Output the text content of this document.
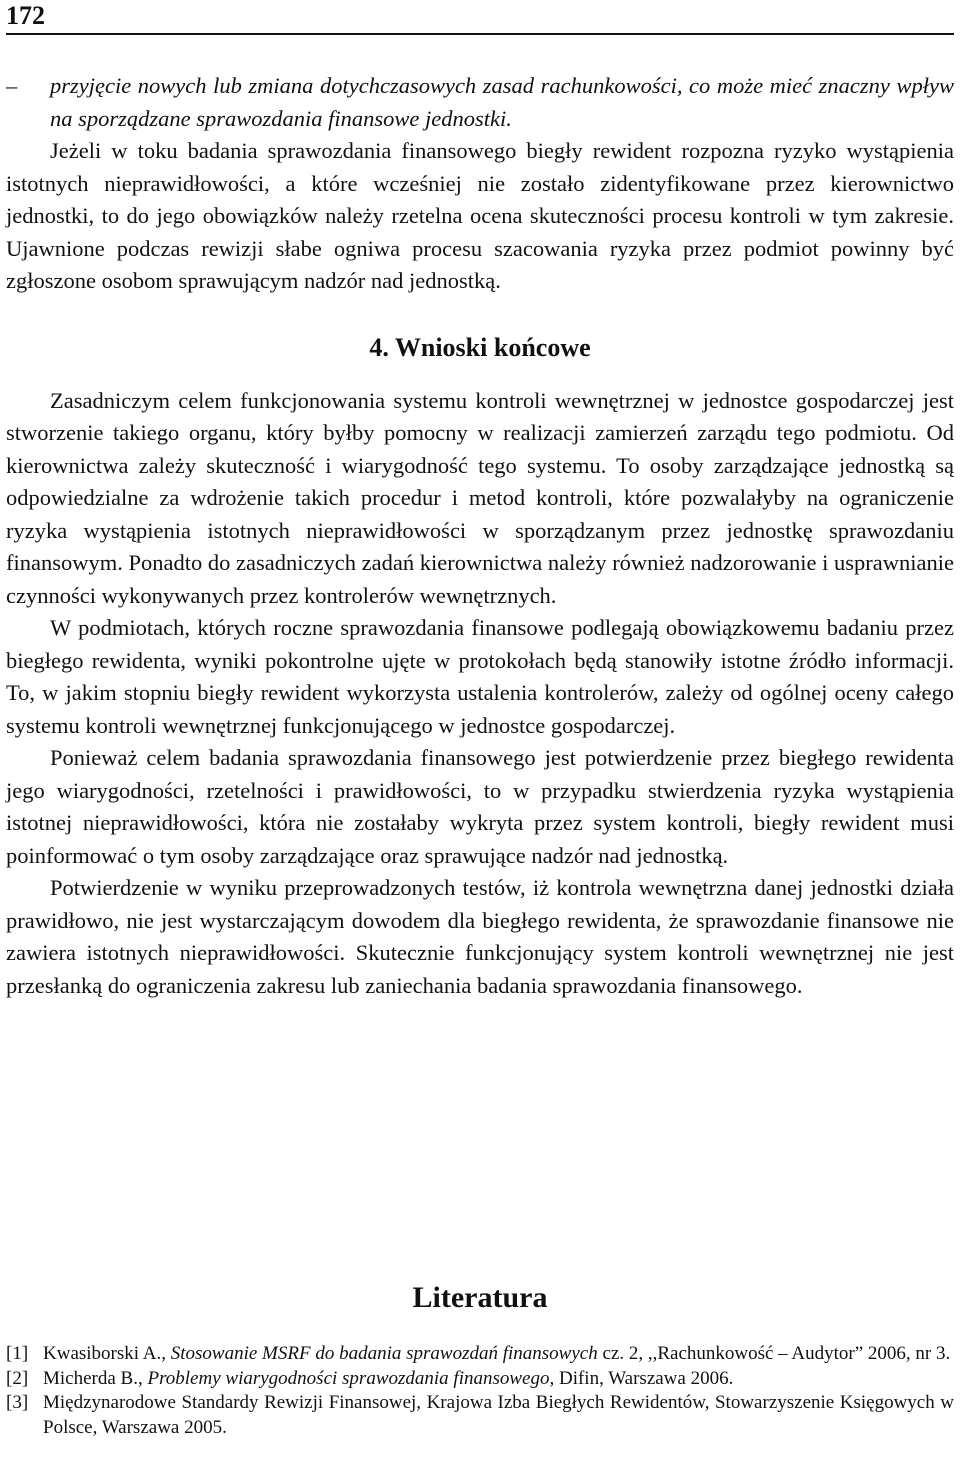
172
– przyjęcie nowych lub zmiana dotychczasowych zasad rachunkowości, co może mieć znaczny wpływ na sporządzane sprawozdania finansowe jednostki.

Jeżeli w toku badania sprawozdania finansowego biegły rewident rozpozna ryzyko wystąpienia istotnych nieprawidłowości, a które wcześniej nie zostało zidentyfikowane przez kierownictwo jednostki, to do jego obowiązków należy rzetelna ocena skuteczności procesu kontroli w tym zakresie. Ujawnione podczas rewizji słabe ogniwa procesu szacowania ryzyka przez podmiot powinny być zgłoszone osobom sprawującym nadzór nad jednostką.

4. Wnioski końcowe

Zasadniczym celem funkcjonowania systemu kontroli wewnętrznej w jednostce gospodarczej jest stworzenie takiego organu, który byłby pomocny w realizacji zamierzeń zarządu tego podmiotu. Od kierownictwa zależy skuteczność i wiarygodność tego systemu. To osoby zarządzające jednostką są odpowiedzialne za wdrożenie takich procedur i metod kontroli, które pozwalałyby na ograniczenie ryzyka wystąpienia istotnych nieprawidłowości w sporządzanym przez jednostkę sprawozdaniu finansowym. Ponadto do zasadniczych zadań kierownictwa należy również nadzorowanie i usprawnianie czynności wykonywanych przez kontrolerów wewnętrznych.

W podmiotach, których roczne sprawozdania finansowe podlegają obowiązkowemu badaniu przez biegłego rewidenta, wyniki pokontrolne ujęte w protokołach będą stanowiły istotne źródło informacji. To, w jakim stopniu biegły rewident wykorzysta ustalenia kontrolerów, zależy od ogólnej oceny całego systemu kontroli wewnętrznej funkcjonującego w jednostce gospodarczej.

Ponieważ celem badania sprawozdania finansowego jest potwierdzenie przez biegłego rewidenta jego wiarygodności, rzetelności i prawidłowości, to w przypadku stwierdzenia ryzyka wystąpienia istotnej nieprawidłowości, która nie zostałaby wykryta przez system kontroli, biegły rewident musi poinformować o tym osoby zarządzające oraz sprawujące nadzór nad jednostką.

Potwierdzenie w wyniku przeprowadzonych testów, iż kontrola wewnętrzna danej jednostki działa prawidłowo, nie jest wystarczającym dowodem dla biegłego rewidenta, że sprawozdanie finansowe nie zawiera istotnych nieprawidłowości. Skutecznie funkcjonujący system kontroli wewnętrznej nie jest przesłanką do ograniczenia zakresu lub zaniechania badania sprawozdania finansowego.

Literatura
[1] Kwasiborski A., Stosowanie MSRF do badania sprawozdań finansowych cz. 2, ,,Rachunkowość – Audytor” 2006, nr 3.
[2] Micherda B., Problemy wiarygodności sprawozdania finansowego, Difin, Warszawa 2006.
[3] Międzynarodowe Standardy Rewizji Finansowej, Krajowa Izba Biegłych Rewidentów, Stowarzyszenie Księgowych w Polsce, Warszawa 2005.
